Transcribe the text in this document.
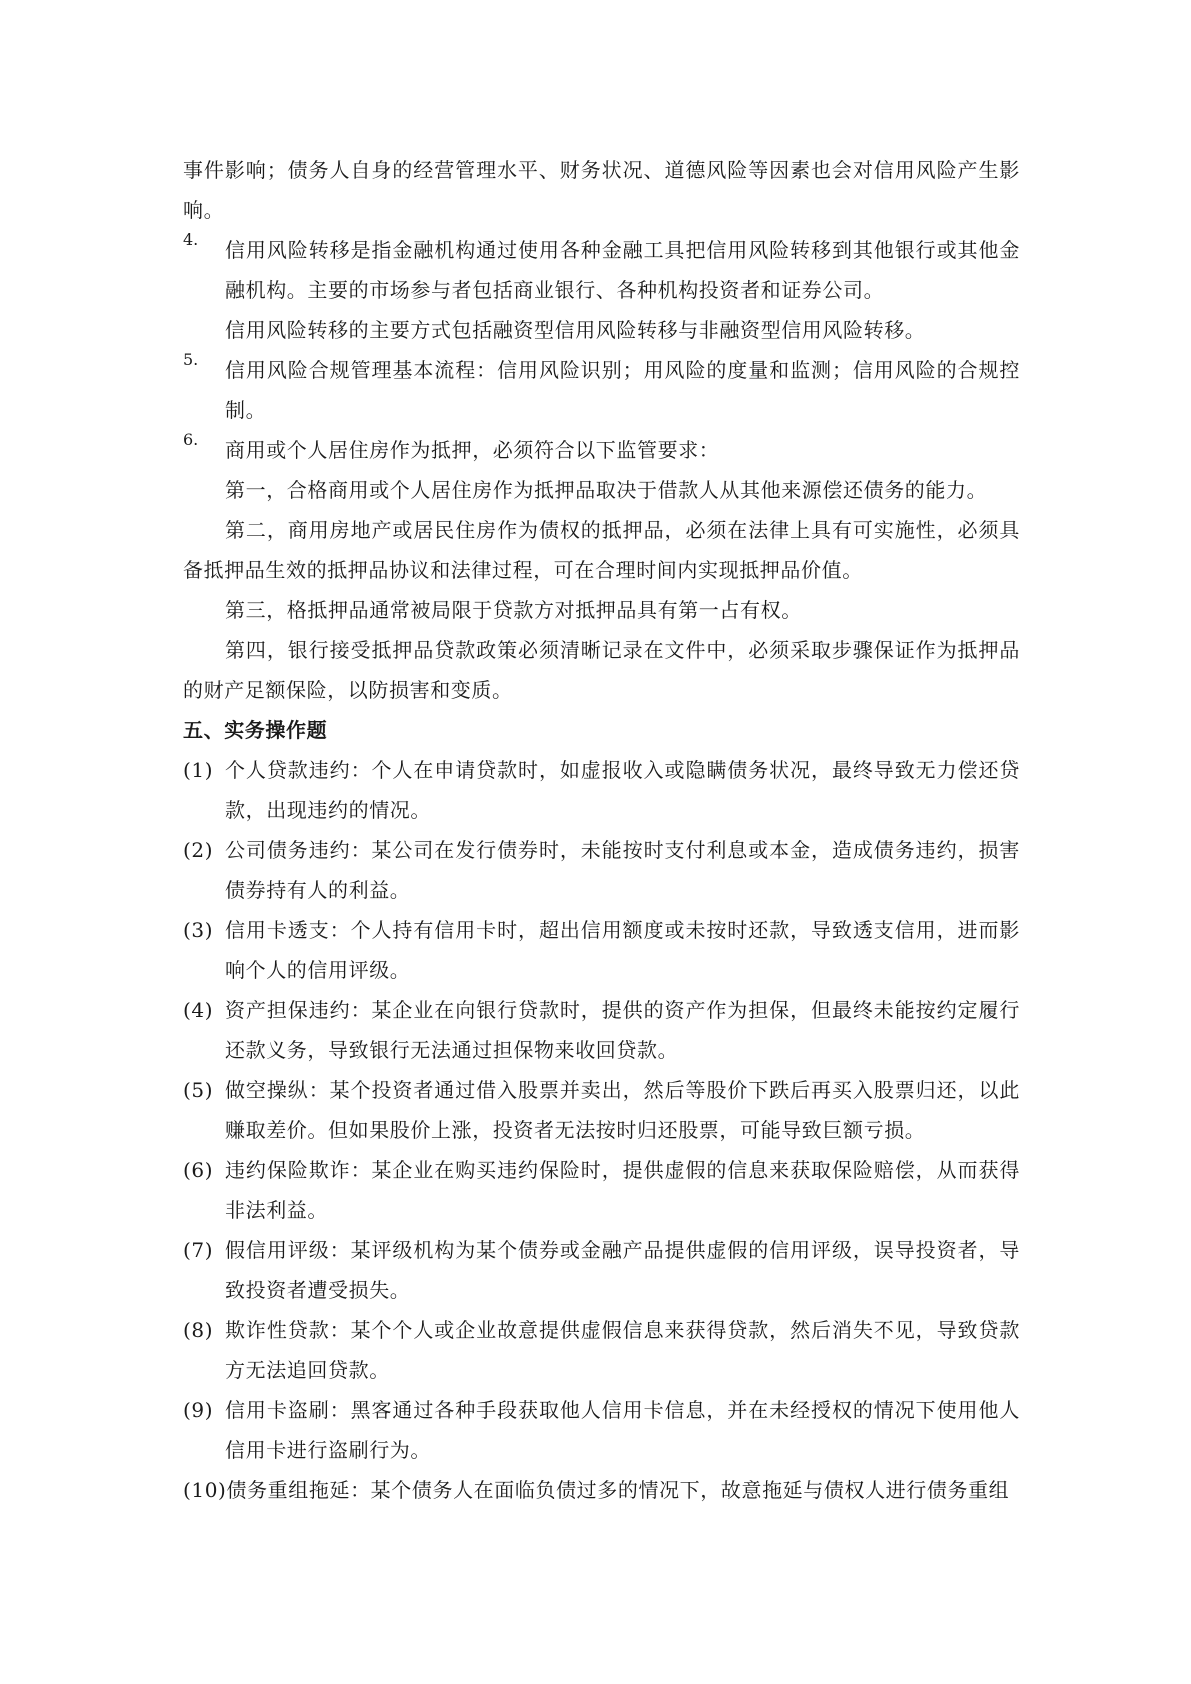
事件影响；债务人自身的经营管理水平、财务状况、道德风险等因素也会对信用风险产生影响。

4.	信用风险转移是指金融机构通过使用各种金融工具把信用风险转移到其他银行或其他金融机构。主要的市场参与者包括商业银行、各种机构投资者和证券公司。

信用风险转移的主要方式包括融资型信用风险转移与非融资型信用风险转移。

5.	信用风险合规管理基本流程：信用风险识别；用风险的度量和监测；信用风险的合规控制。

6.	商用或个人居住房作为抵押，必须符合以下监管要求：

第一，合格商用或个人居住房作为抵押品取决于借款人从其他来源偿还债务的能力。

第二，商用房地产或居民住房作为债权的抵押品，必须在法律上具有可实施性，必须具备抵押品生效的抵押品协议和法律过程，可在合理时间内实现抵押品价值。

第三，格抵押品通常被局限于贷款方对抵押品具有第一占有权。

第四，银行接受抵押品贷款政策必须清晰记录在文件中，必须采取步骤保证作为抵押品的财产足额保险，以防损害和变质。

五、实务操作题
(1) 个人贷款违约：个人在申请贷款时，如虚报收入或隐瞒债务状况，最终导致无力偿还贷款，出现违约的情况。
(2) 公司债务违约：某公司在发行债券时，未能按时支付利息或本金，造成债务违约，损害债券持有人的利益。
(3) 信用卡透支：个人持有信用卡时，超出信用额度或未按时还款，导致透支信用，进而影响个人的信用评级。
(4) 资产担保违约：某企业在向银行贷款时，提供的资产作为担保，但最终未能按约定履行还款义务，导致银行无法通过担保物来收回贷款。
(5) 做空操纵：某个投资者通过借入股票并卖出，然后等股价下跌后再买入股票归还，以此赚取差价。但如果股价上涨，投资者无法按时归还股票，可能导致巨额亏损。
(6) 违约保险欺诈：某企业在购买违约保险时，提供虚假的信息来获取保险赔偿，从而获得非法利益。
(7) 假信用评级：某评级机构为某个债券或金融产品提供虚假的信用评级，误导投资者，导致投资者遭受损失。
(8) 欺诈性贷款：某个个人或企业故意提供虚假信息来获得贷款，然后消失不见，导致贷款方无法追回贷款。
(9) 信用卡盗刷：黑客通过各种手段获取他人信用卡信息，并在未经授权的情况下使用他人信用卡进行盗刷行为。
(10) 债务重组拖延：某个债务人在面临负债过多的情况下，故意拖延与债权人进行债务重组
